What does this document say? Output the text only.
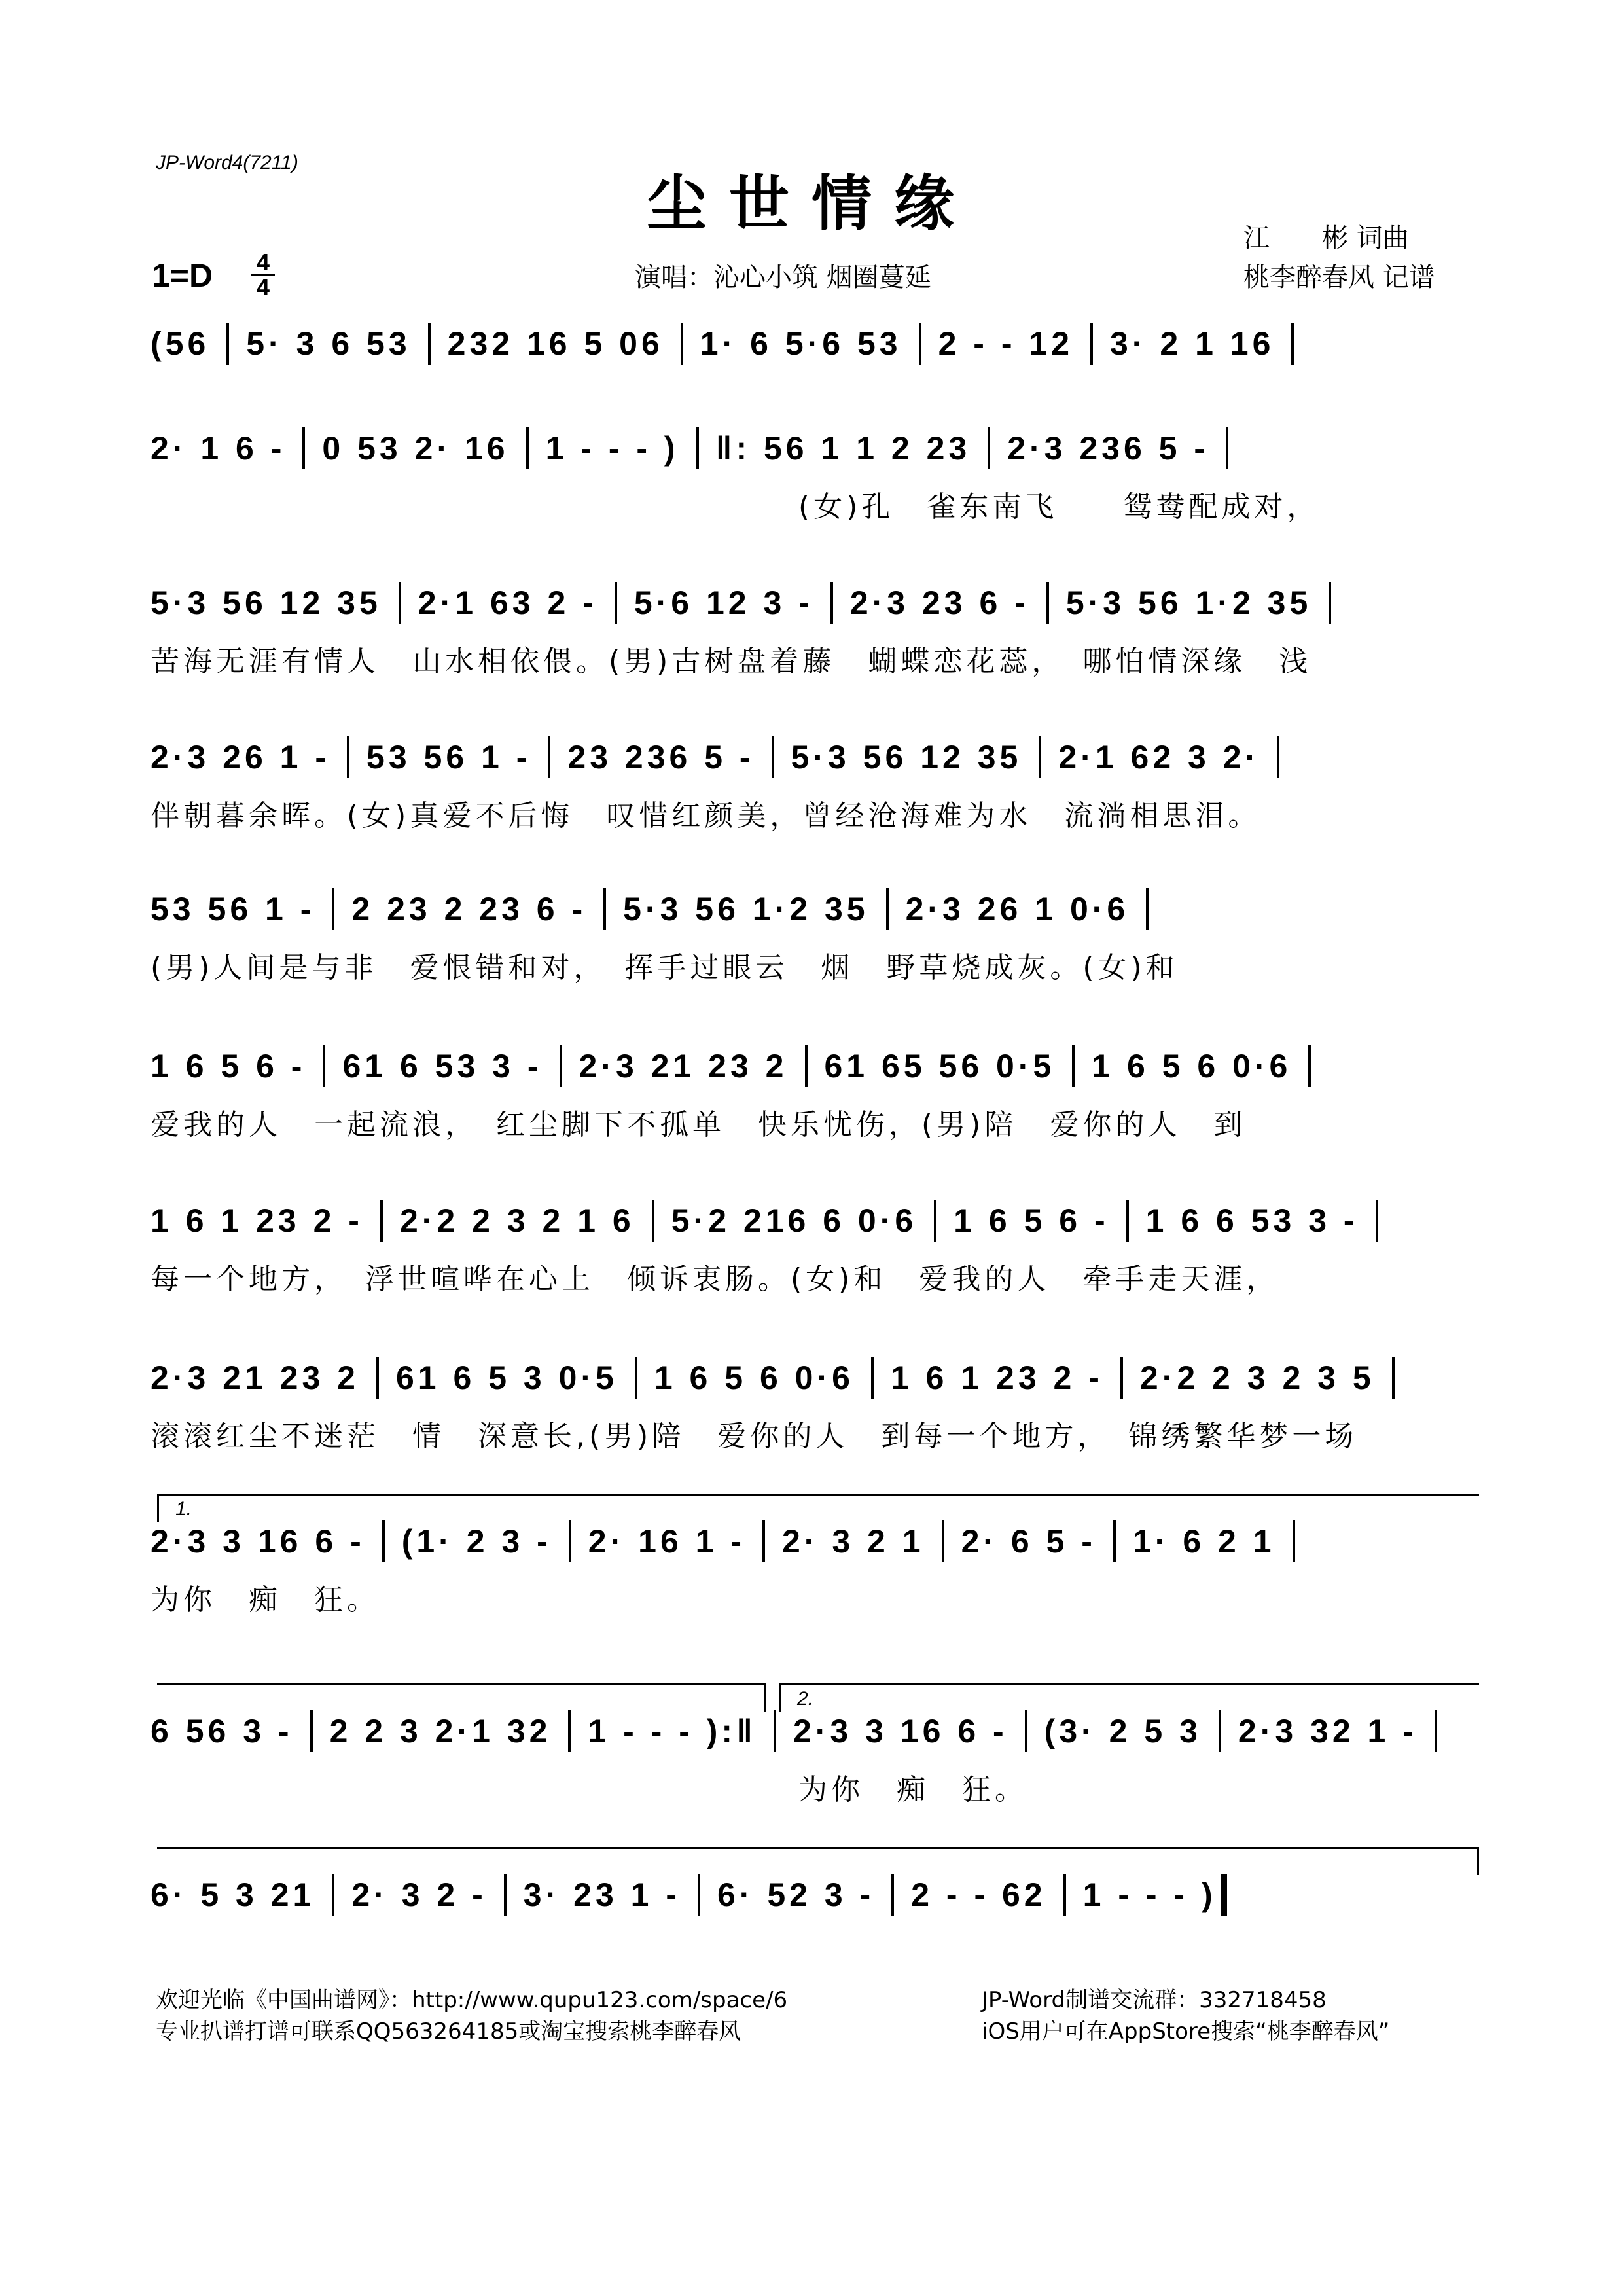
JP-Word4(7211)
尘世情缘
1=D 4
4	演唱：沁心小筑 烟圈蔓延
江　　彬 词曲
桃李醉春风 记谱
(56 5· 3 6 53 232 16 5 06 1· 6 5·6 53 2 - - 12 3· 2 1 16
2· 1 6 - 0 53 2· 16 1 - - - ) ‖: 56 1 1 2 23 2·3 236 5 -
(女)孔　雀东南飞　　鸳鸯配成对，
5·3 56 12 35 2·1 63 2 - 5·6 12 3 - 2·3 23 6 - 5·3 56 1·2 35
苦海无涯有情人　山水相依偎。(男)古树盘着藤　蝴蝶恋花蕊，　哪怕情深缘　浅
2·3 26 1 - 53 56 1 - 23 236 5 - 5·3 56 12 35 2·1 62 3 2·
伴朝暮余晖。(女)真爱不后悔　叹惜红颜美，曾经沧海难为水　流淌相思泪。
53 56 1 - 2 23 2 23 6 - 5·3 56 1·2 35 2·3 26 1 0·6
(男)人间是与非　爱恨错和对，　挥手过眼云　烟　野草烧成灰。(女)和
1 6 5 6 - 61 6 53 3 - 2·3 21 23 2 61 65 56 0·5 1 6 5 6 0·6
爱我的人　一起流浪，　红尘脚下不孤单　快乐忧伤，(男)陪　爱你的人　到
1 6 1 23 2 - 2·2 2 3 2 1 6 5·2 216 6 0·6 1 6 5 6 - 1 6 6 53 3 -
每一个地方，　浮世喧哗在心上　倾诉衷肠。(女)和　爱我的人　牵手走天涯，
2·3 21 23 2 61 6 5 3 0·5 1 6 5 6 0·6 1 6 1 23 2 - 2·2 2 3 2 3 5
滚滚红尘不迷茫　情　深意长,(男)陪　爱你的人　到每一个地方，　锦绣繁华梦一场
1.
2·3 3 16 6 - (1· 2 3 - 2· 16 1 - 2· 3 2 1 2· 6 5 - 1· 6 2 1
为你　痴　狂。
2.
6 56 3 - 2 2 3 2·1 32 1 - - - ):‖ 2·3 3 16 6 - (3· 2 5 3 2·3 32 1 -
为你　痴　狂。
6· 5 3 21 2· 3 2 - 3· 23 1 - 6· 52 3 - 2 - - 62 1 - - - )
欢迎光临《中国曲谱网》：http://www.qupu123.com/space/6
专业扒谱打谱可联系QQ563264185或淘宝搜索桃李醉春风
JP-Word制谱交流群：332718458
iOS用户可在AppStore搜索“桃李醉春风”
